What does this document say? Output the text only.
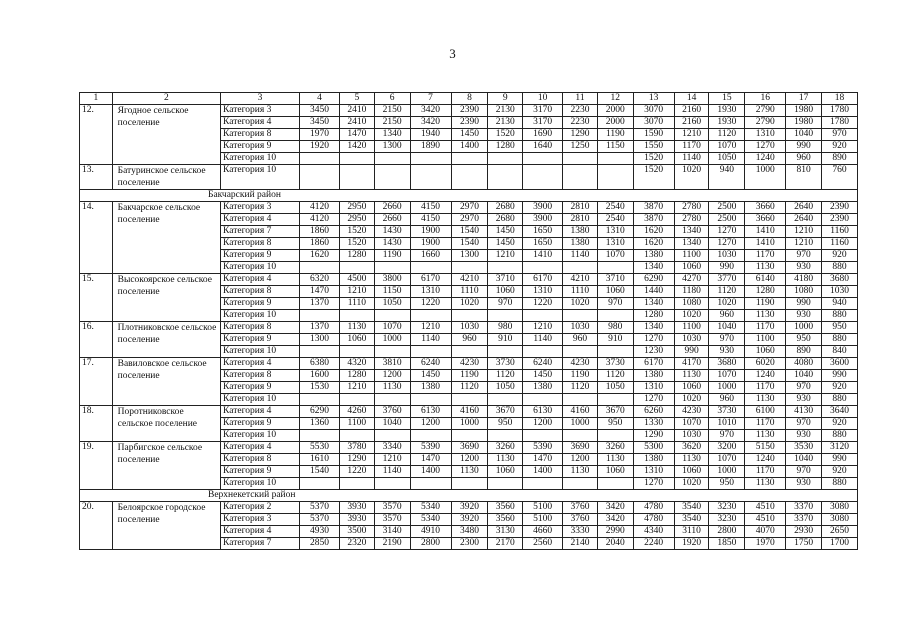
3
1	2	3	4	5	6	7	8	9	10	11	12	13	14	15	16	17	18
12.	Ягодное сельское поселение	Категория 3	3450	2410	2150	3420	2390	2130	3170	2230	2000	3070	2160	1930	2790	1980	1780
		Категория 4	3450	2410	2150	3420	2390	2130	3170	2230	2000	3070	2160	1930	2790	1980	1780
		Категория 8	1970	1470	1340	1940	1450	1520	1690	1290	1190	1590	1210	1120	1310	1040	970
		Категория 9	1920	1420	1300	1890	1400	1280	1640	1250	1150	1550	1170	1070	1270	990	920
		Категория 10										1520	1140	1050	1240	960	890
13.	Батуринское сельское поселение	Категория 10										1520	1020	940	1000	810	760
Бакчарский район																	
14.	Бакчарское сельское поселение	Категория 3	4120	2950	2660	4150	2970	2680	3900	2810	2540	3870	2780	2500	3660	2640	2390
		Категория 4	4120	2950	2660	4150	2970	2680	3900	2810	2540	3870	2780	2500	3660	2640	2390
		Категория 7	1860	1520	1430	1900	1540	1450	1650	1380	1310	1620	1340	1270	1410	1210	1160
		Категория 8	1860	1520	1430	1900	1540	1450	1650	1380	1310	1620	1340	1270	1410	1210	1160
		Категория 9	1620	1280	1190	1660	1300	1210	1410	1140	1070	1380	1100	1030	1170	970	920
		Категория 10										1340	1060	990	1130	930	880
15.	Высокоярское сельское поселение	Категория 4	6320	4500	3800	6170	4210	3710	6170	4210	3710	6290	4270	3770	6140	4180	3680
		Категория 8	1470	1210	1150	1310	1110	1060	1310	1110	1060	1440	1180	1120	1280	1080	1030
		Категория 9	1370	1110	1050	1220	1020	970	1220	1020	970	1340	1080	1020	1190	990	940
		Категория 10										1280	1020	960	1130	930	880
16.	Плотниковское сельское поселение	Категория 8	1370	1130	1070	1210	1030	980	1210	1030	980	1340	1100	1040	1170	1000	950
		Категория 9	1300	1060	1000	1140	960	910	1140	960	910	1270	1030	970	1100	950	880
		Категория 10										1230	990	930	1060	890	840
17.	Вавиловское сельское поселение	Категория 4	6380	4320	3810	6240	4230	3730	6240	4230	3730	6170	4170	3680	6020	4080	3600
		Категория 8	1600	1280	1200	1450	1190	1120	1450	1190	1120	1380	1130	1070	1240	1040	990
		Категория 9	1530	1210	1130	1380	1120	1050	1380	1120	1050	1310	1060	1000	1170	970	920
		Категория 10										1270	1020	960	1130	930	880
18.	Поротниковское сельское поселение	Категория 4	6290	4260	3760	6130	4160	3670	6130	4160	3670	6260	4230	3730	6100	4130	3640
		Категория 9	1360	1100	1040	1200	1000	950	1200	1000	950	1330	1070	1010	1170	970	920
		Категория 10										1290	1030	970	1130	930	880
19.	Парбигское сельское поселение	Категория 4	5530	3780	3340	5390	3690	3260	5390	3690	3260	5300	3620	3200	5150	3530	3120
		Категория 8	1610	1290	1210	1470	1200	1130	1470	1200	1130	1380	1130	1070	1240	1040	990
		Категория 9	1540	1220	1140	1400	1130	1060	1400	1130	1060	1310	1060	1000	1170	970	920
		Категория 10										1270	1020	950	1130	930	880
Верхнекетский район																	
20.	Белоярское городское поселение	Категория 2	5370	3930	3570	5340	3920	3560	5100	3760	3420	4780	3540	3230	4510	3370	3080
		Категория 3	5370	3930	3570	5340	3920	3560	5100	3760	3420	4780	3540	3230	4510	3370	3080
		Категория 4	4930	3500	3140	4910	3480	3130	4660	3330	2990	4340	3110	2800	4070	2930	2650
		Категория 7	2850	2320	2190	2800	2300	2170	2560	2140	2040	2240	1920	1850	1970	1750	1700
